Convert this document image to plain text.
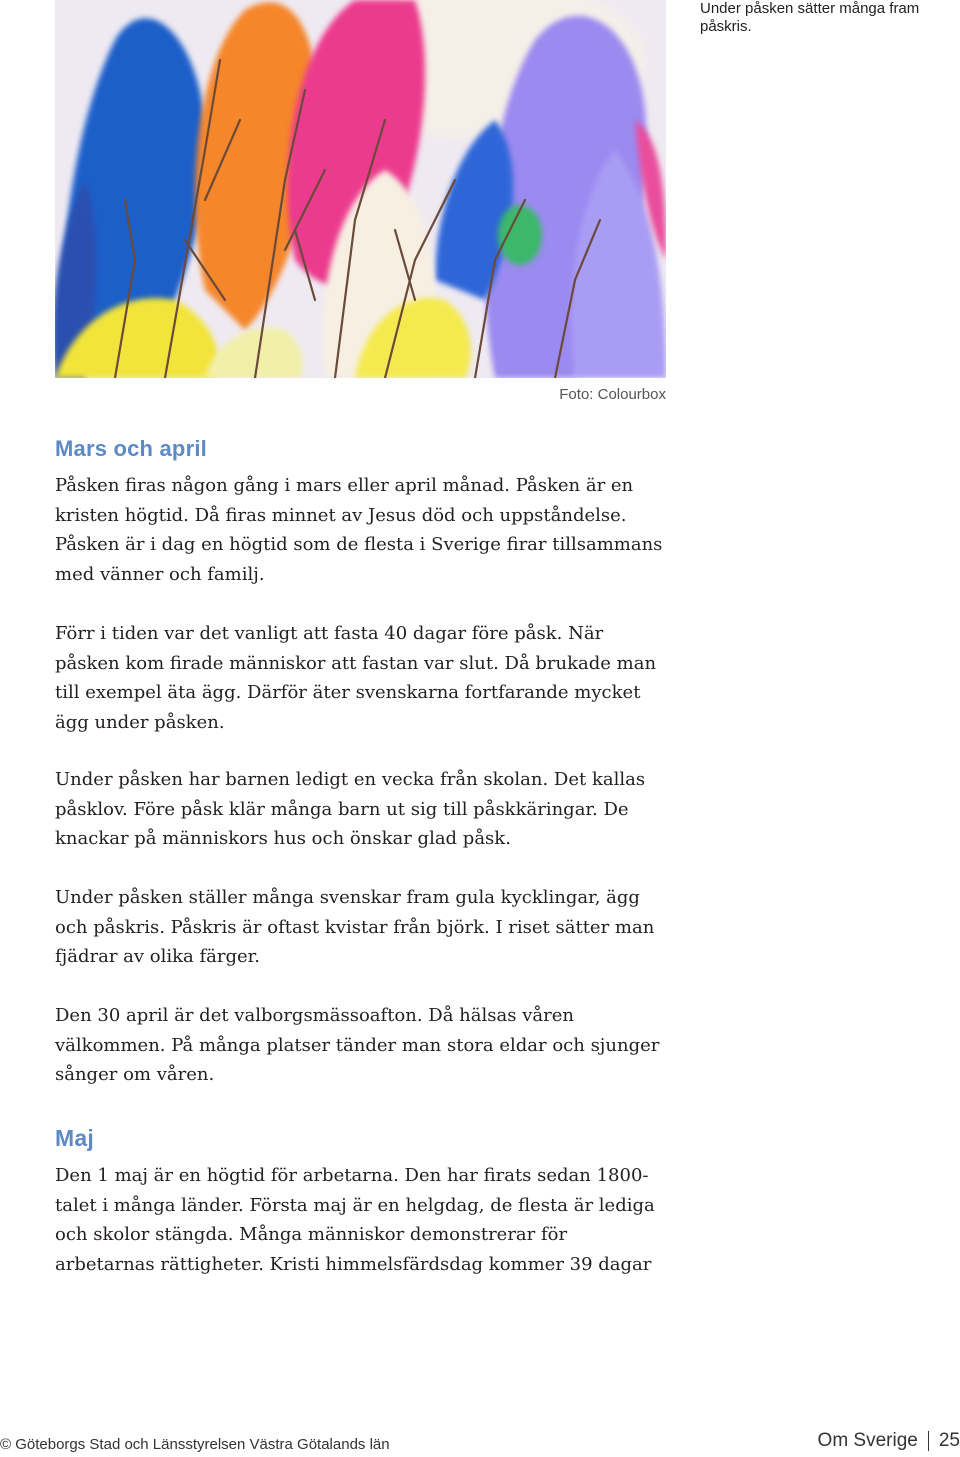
Under påsken sätter många fram påskris.
Foto: Colourbox
Mars och april

Påsken firas någon gång i mars eller april månad. Påsken är en kristen högtid. Då firas minnet av Jesus död och uppståndelse. Påsken är i dag en högtid som de flesta i Sverige firar tillsammans med vänner och familj.

Förr i tiden var det vanligt att fasta 40 dagar före påsk. När påsken kom firade människor att fastan var slut. Då brukade man till exempel äta ägg. Därför äter svenskarna fortfarande mycket ägg under påsken.

Under påsken har barnen ledigt en vecka från skolan. Det kallas påsklov. Före påsk klär många barn ut sig till påskkäringar. De knackar på människors hus och önskar glad påsk.

Under påsken ställer många svenskar fram gula kycklingar, ägg och påskris. Påskris är oftast kvistar från björk. I riset sätter man fjädrar av olika färger.

Den 30 april är det valborgsmässoafton. Då hälsas våren välkommen. På många platser tänder man stora eldar och sjunger sånger om våren.

Maj

Den 1 maj är en högtid för arbetarna. Den har firats sedan 1800-talet i många länder. Första maj är en helgdag, de flesta är lediga och skolor stängda. Många människor demonstrerar för arbetarnas rättigheter. Kristi himmelsfärdsdag kommer 39 dagar

© Göteborgs Stad och Länsstyrelsen Västra Götalands län	Om Sverige 25
